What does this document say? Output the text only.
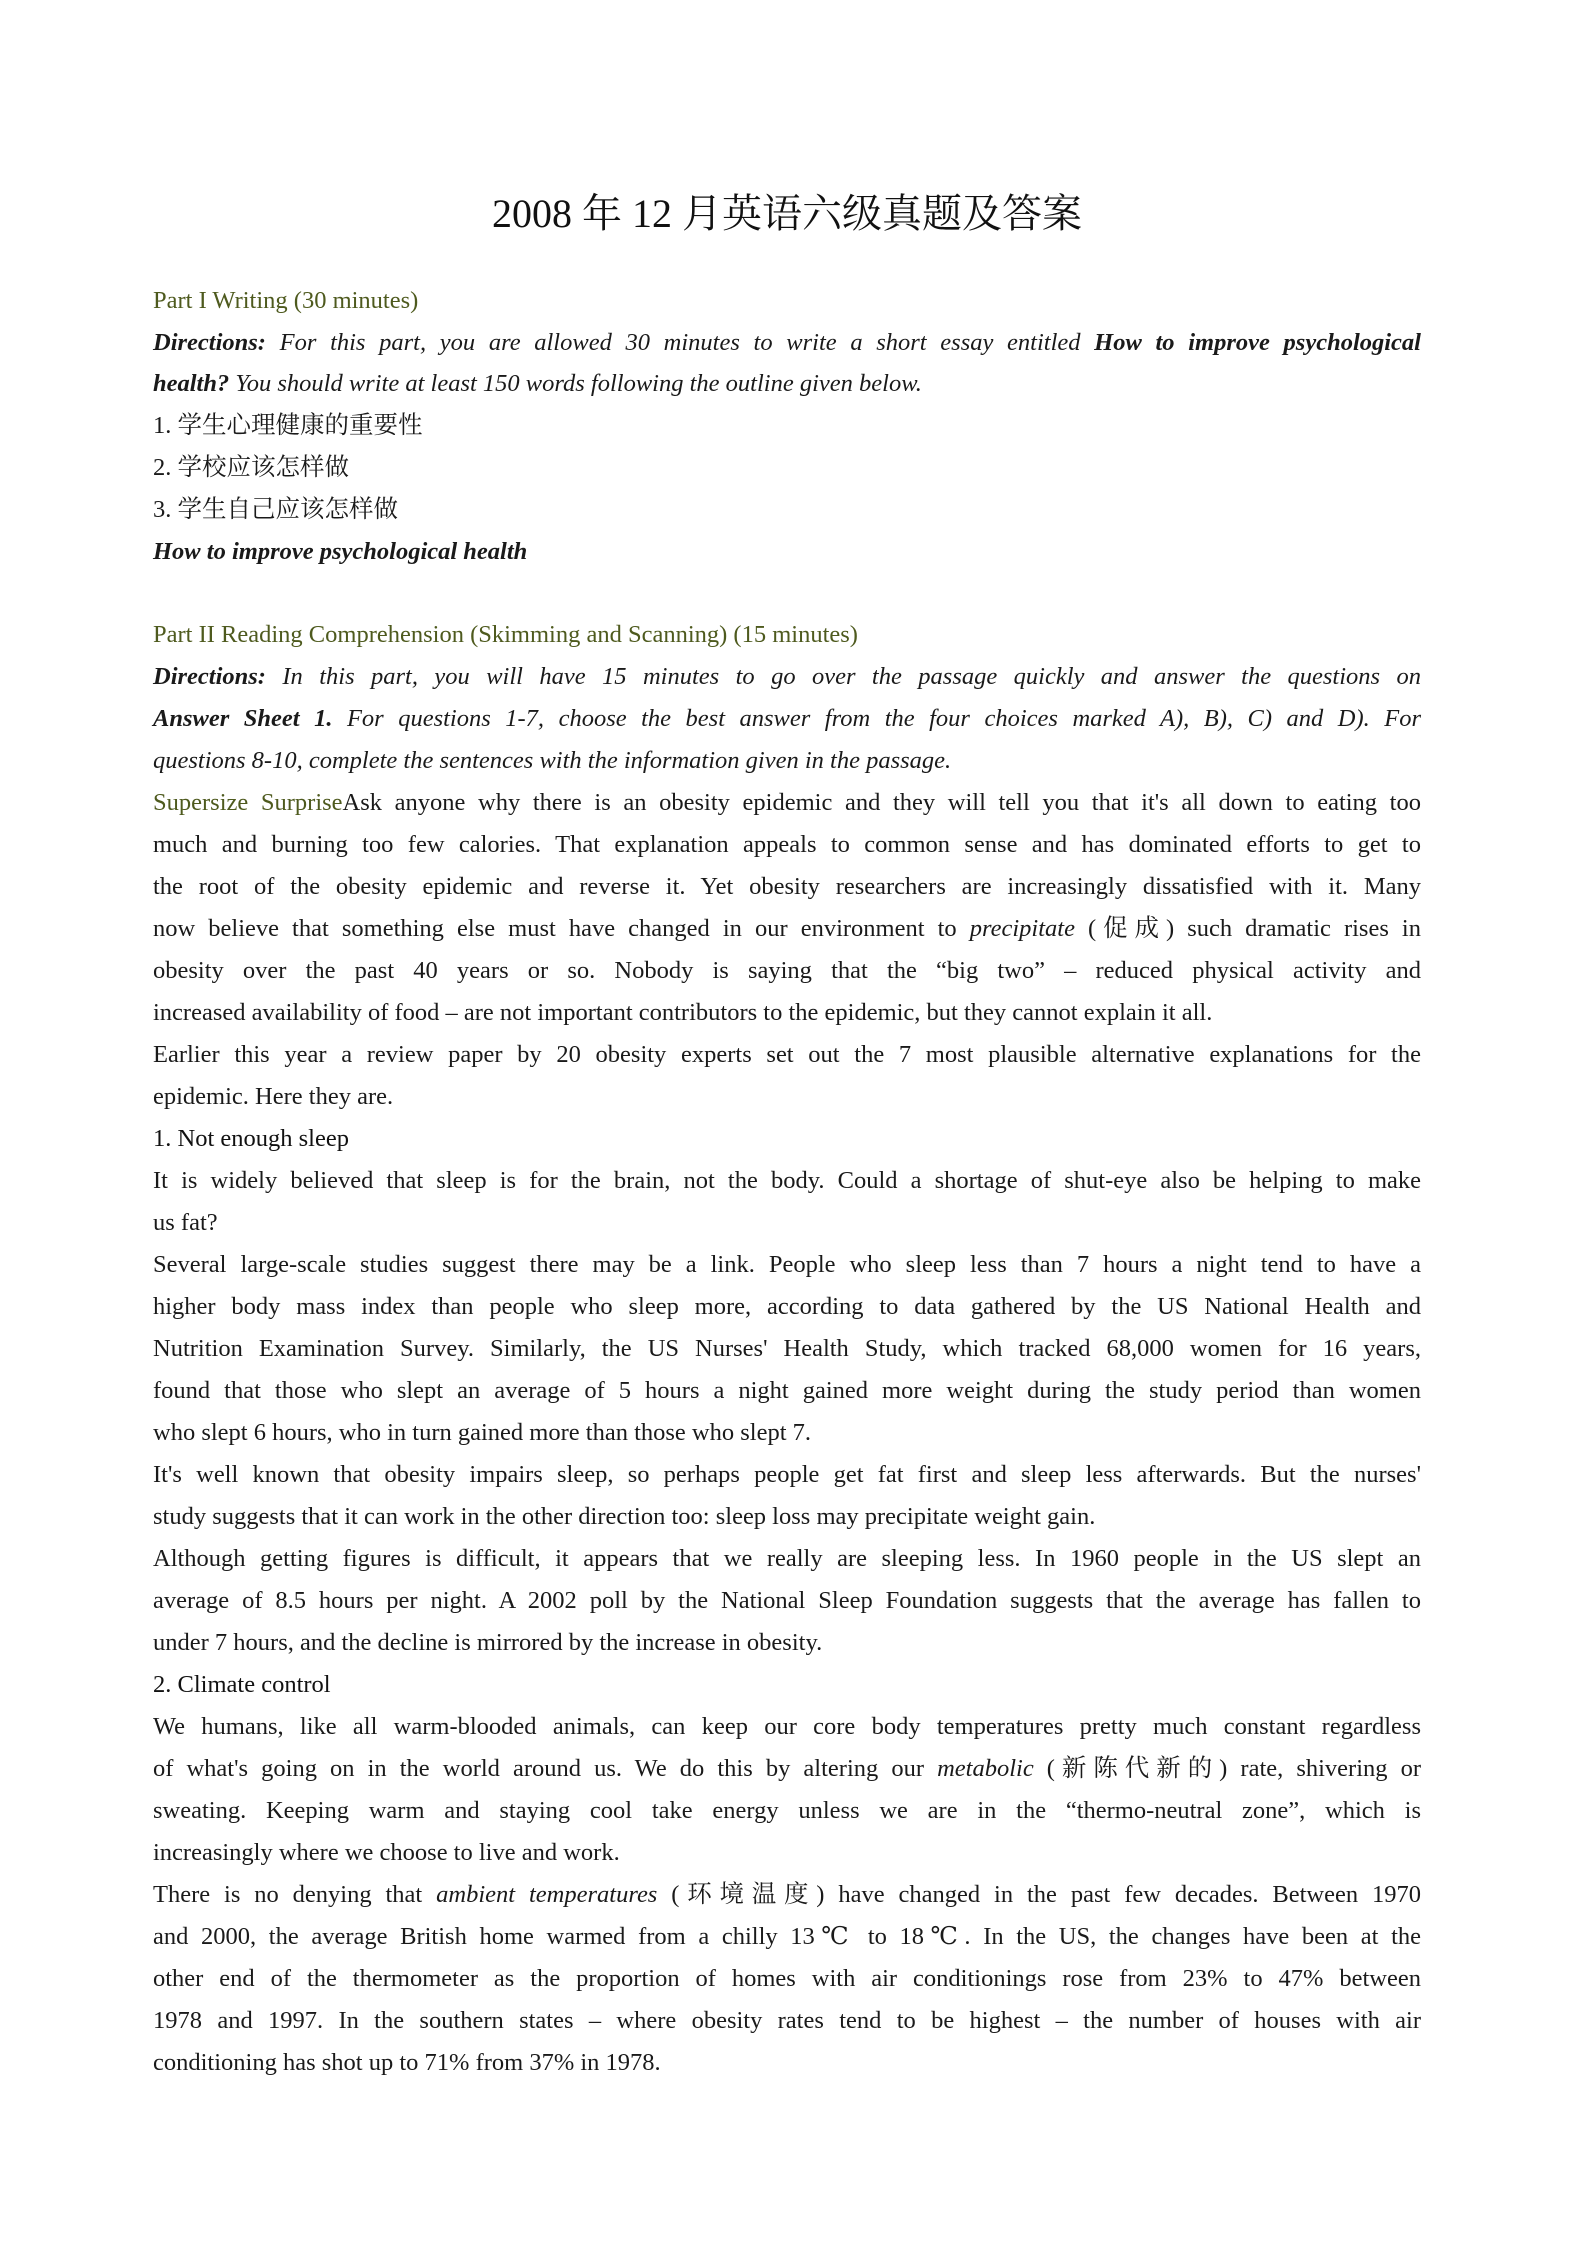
2008 年 12 月英语六级真题及答案
Part I Writing (30 minutes)
Directions: For this part, you are allowed 30 minutes to write a short essay entitled How to improve psychological
health? You should write at least 150 words following the outline given below.
1. 学生心理健康的重要性
2. 学校应该怎样做
3. 学生自己应该怎样做
How to improve psychological health
Part II Reading Comprehension (Skimming and Scanning) (15 minutes)
Directions: In this part, you will have 15 minutes to go over the passage quickly and answer the questions on
Answer Sheet 1. For questions 1-7, choose the best answer from the four choices marked A), B), C) and D). For
questions 8-10, complete the sentences with the information given in the passage.
Supersize SurpriseAsk anyone why there is an obesity epidemic and they will tell you that it's all down to eating too
much and burning too few calories. That explanation appeals to common sense and has dominated efforts to get to
the root of the obesity epidemic and reverse it. Yet obesity researchers are increasingly dissatisfied with it. Many
now believe that something else must have changed in our environment to precipitate (促成) such dramatic rises in
obesity over the past 40 years or so. Nobody is saying that the “big two” – reduced physical activity and
increased availability of food – are not important contributors to the epidemic, but they cannot explain it all.
Earlier this year a review paper by 20 obesity experts set out the 7 most plausible alternative explanations for the
epidemic. Here they are.
1. Not enough sleep
It is widely believed that sleep is for the brain, not the body. Could a shortage of shut-eye also be helping to make
us fat?
Several large-scale studies suggest there may be a link. People who sleep less than 7 hours a night tend to have a
higher body mass index than people who sleep more, according to data gathered by the US National Health and
Nutrition Examination Survey. Similarly, the US Nurses' Health Study, which tracked 68,000 women for 16 years,
found that those who slept an average of 5 hours a night gained more weight during the study period than women
who slept 6 hours, who in turn gained more than those who slept 7.
It's well known that obesity impairs sleep, so perhaps people get fat first and sleep less afterwards. But the nurses'
study suggests that it can work in the other direction too: sleep loss may precipitate weight gain.
Although getting figures is difficult, it appears that we really are sleeping less. In 1960 people in the US slept an
average of 8.5 hours per night. A 2002 poll by the National Sleep Foundation suggests that the average has fallen to
under 7 hours, and the decline is mirrored by the increase in obesity.
2. Climate control
We humans, like all warm-blooded animals, can keep our core body temperatures pretty much constant regardless
of what's going on in the world around us. We do this by altering our metabolic (新陈代新的) rate, shivering or
sweating. Keeping warm and staying cool take energy unless we are in the “thermo-neutral zone”, which is
increasingly where we choose to live and work.
There is no denying that ambient temperatures (环境温度) have changed in the past few decades. Between 1970
and 2000, the average British home warmed from a chilly 13℃ to 18℃. In the US, the changes have been at the
other end of the thermometer as the proportion of homes with air conditionings rose from 23% to 47% between
1978 and 1997. In the southern states – where obesity rates tend to be highest – the number of houses with air
conditioning has shot up to 71% from 37% in 1978.
